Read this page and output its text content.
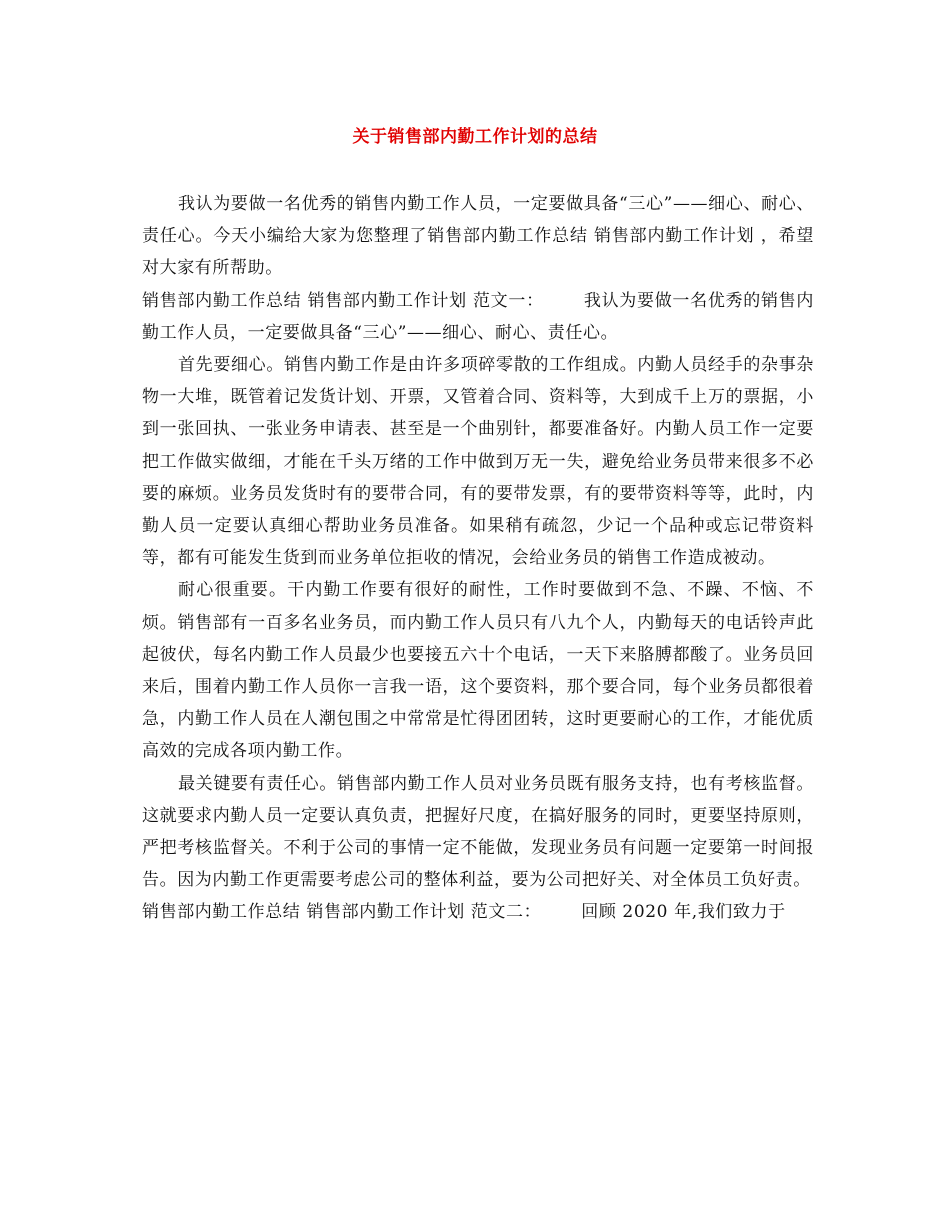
关于销售部内勤工作计划的总结

我认为要做一名优秀的销售内勤工作人员，一定要做具备“三心”——细心、耐心、责任心。今天小编给大家为您整理了销售部内勤工作总结 销售部内勤工作计划 ，希望对大家有所帮助。

销售部内勤工作总结 销售部内勤工作计划 范文一： 我认为要做一名优秀的销售内勤工作人员，一定要做具备“三心”——细心、耐心、责任心。

首先要细心。销售内勤工作是由许多项碎零散的工作组成。内勤人员经手的杂事杂物一大堆，既管着记发货计划、开票，又管着合同、资料等，大到成千上万的票据，小到一张回执、一张业务申请表、甚至是一个曲别针，都要准备好。内勤人员工作一定要把工作做实做细，才能在千头万绪的工作中做到万无一失，避免给业务员带来很多不必要的麻烦。业务员发货时有的要带合同，有的要带发票，有的要带资料等等，此时，内勤人员一定要认真细心帮助业务员准备。如果稍有疏忽，少记一个品种或忘记带资料等，都有可能发生货到而业务单位拒收的情况，会给业务员的销售工作造成被动。

耐心很重要。干内勤工作要有很好的耐性，工作时要做到不急、不躁、不恼、不烦。销售部有一百多名业务员，而内勤工作人员只有八九个人，内勤每天的电话铃声此起彼伏，每名内勤工作人员最少也要接五六十个电话，一天下来胳膊都酸了。业务员回来后，围着内勤工作人员你一言我一语，这个要资料，那个要合同，每个业务员都很着急，内勤工作人员在人潮包围之中常常是忙得团团转，这时更要耐心的工作，才能优质高效的完成各项内勤工作。

最关键要有责任心。销售部内勤工作人员对业务员既有服务支持，也有考核监督。这就要求内勤人员一定要认真负责，把握好尺度，在搞好服务的同时，更要坚持原则，严把考核监督关。不利于公司的事情一定不能做，发现业务员有问题一定要第一时间报告。因为内勤工作更需要考虑公司的整体利益，要为公司把好关、对全体员工负好责。

销售部内勤工作总结 销售部内勤工作计划 范文二： 回顾 2020 年,我们致力于
